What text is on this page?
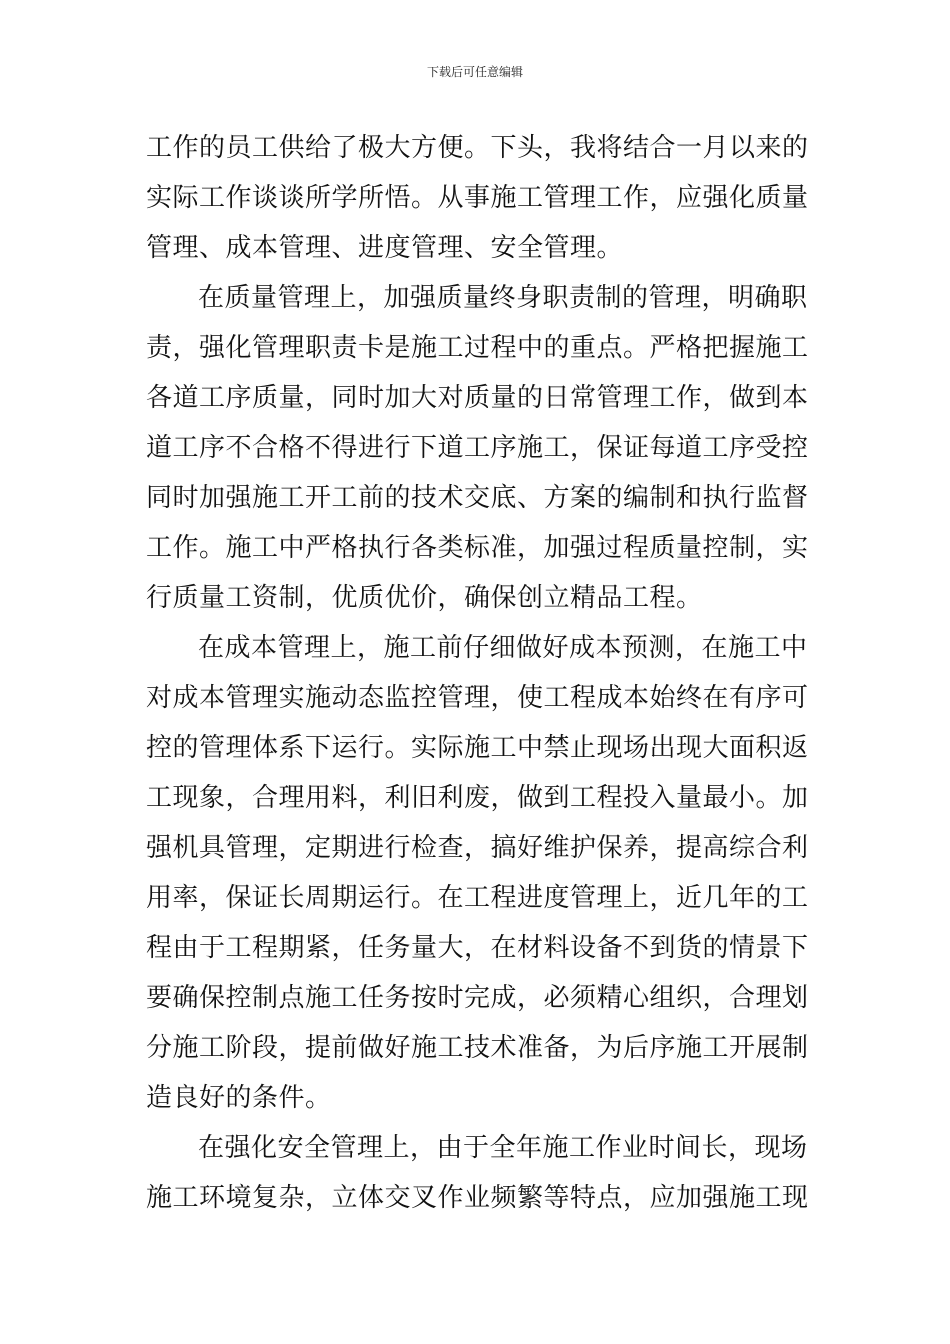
下载后可任意编辑
工作的员工供给了极大方便。下头，我将结合一月以来的
实际工作谈谈所学所悟。从事施工管理工作，应强化质量
管理、成本管理、进度管理、安全管理。
在质量管理上，加强质量终身职责制的管理，明确职
责，强化管理职责卡是施工过程中的重点。严格把握施工
各道工序质量，同时加大对质量的日常管理工作，做到本
道工序不合格不得进行下道工序施工，保证每道工序受控
同时加强施工开工前的技术交底、方案的编制和执行监督
工作。施工中严格执行各类标准，加强过程质量控制，实
行质量工资制，优质优价，确保创立精品工程。
在成本管理上，施工前仔细做好成本预测，在施工中
对成本管理实施动态监控管理，使工程成本始终在有序可
控的管理体系下运行。实际施工中禁止现场出现大面积返
工现象，合理用料，利旧利废，做到工程投入量最小。加
强机具管理，定期进行检查，搞好维护保养，提高综合利
用率，保证长周期运行。在工程进度管理上，近几年的工
程由于工程期紧，任务量大，在材料设备不到货的情景下
要确保控制点施工任务按时完成，必须精心组织，合理划
分施工阶段，提前做好施工技术准备，为后序施工开展制
造良好的条件。
在强化安全管理上，由于全年施工作业时间长，现场
施工环境复杂，立体交叉作业频繁等特点，应加强施工现
